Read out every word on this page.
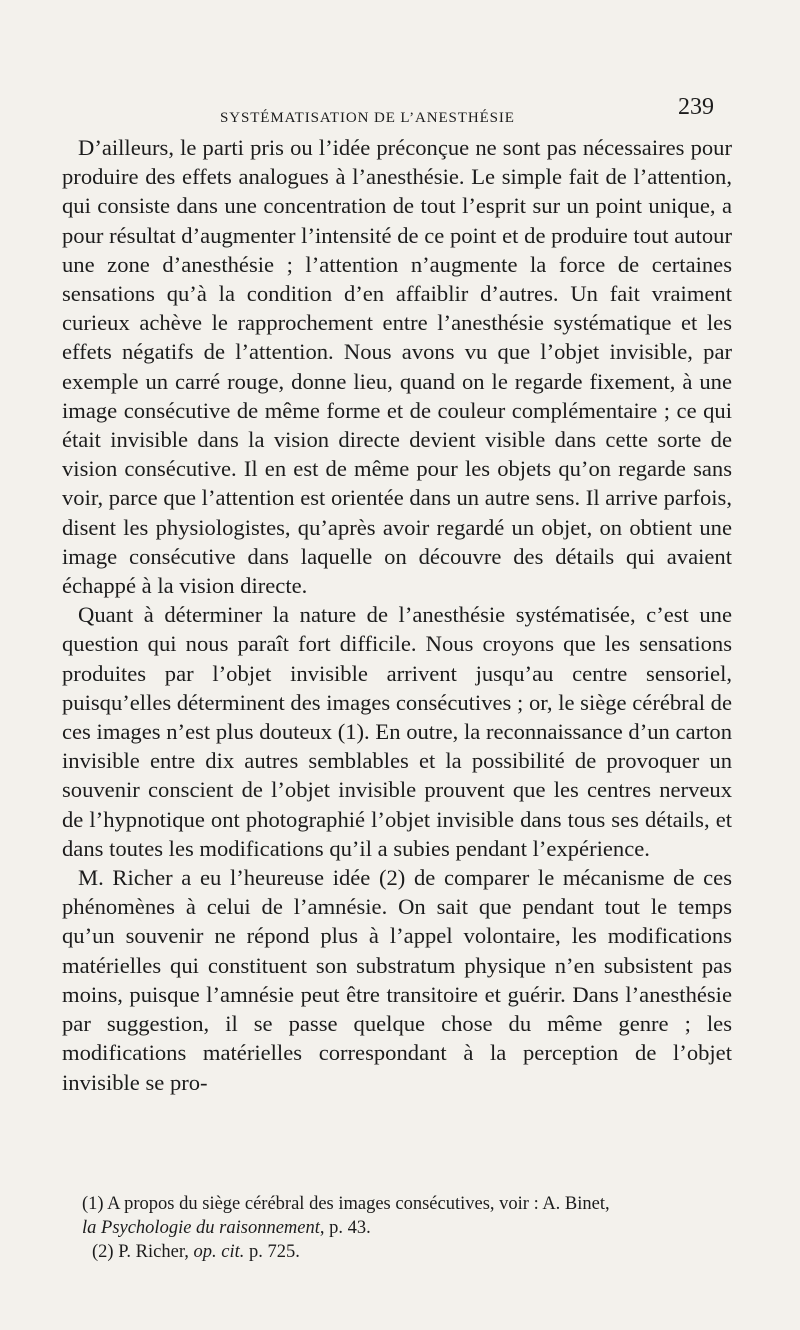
SYSTÉMATISATION DE L’ANESTHÉSIE	239

D’ailleurs, le parti pris ou l’idée préconçue ne sont pas nécessaires pour produire des effets analogues à l’anesthésie. Le simple fait de l’attention, qui consiste dans une concentration de tout l’esprit sur un point unique, a pour résultat d’augmenter l’intensité de ce point et de produire tout autour une zone d’anesthésie ; l’attention n’augmente la force de certaines sensations qu’à la condition d’en affaiblir d’autres. Un fait vraiment curieux achève le rapprochement entre l’anesthésie systématique et les effets négatifs de l’attention. Nous avons vu que l’objet invisible, par exemple un carré rouge, donne lieu, quand on le regarde fixement, à une image consécutive de même forme et de couleur complémentaire ; ce qui était invisible dans la vision directe devient visible dans cette sorte de vision consécutive. Il en est de même pour les objets qu’on regarde sans voir, parce que l’attention est orientée dans un autre sens. Il arrive parfois, disent les physiologistes, qu’après avoir regardé un objet, on obtient une image consécutive dans laquelle on découvre des détails qui avaient échappé à la vision directe.

Quant à déterminer la nature de l’anesthésie systématisée, c’est une question qui nous paraît fort difficile. Nous croyons que les sensations produites par l’objet invisible arrivent jusqu’au centre sensoriel, puisqu’elles déterminent des images consécutives ; or, le siège cérébral de ces images n’est plus douteux (1). En outre, la reconnaissance d’un carton invisible entre dix autres semblables et la possibilité de provoquer un souvenir conscient de l’objet invisible prouvent que les centres nerveux de l’hypnotique ont photographié l’objet invisible dans tous ses détails, et dans toutes les modifications qu’il a subies pendant l’expérience.

M. Richer a eu l’heureuse idée (2) de comparer le mécanisme de ces phénomènes à celui de l’amnésie. On sait que pendant tout le temps qu’un souvenir ne répond plus à l’appel volontaire, les modifications matérielles qui constituent son substratum physique n’en subsistent pas moins, puisque l’amnésie peut être transitoire et guérir. Dans l’anesthésie par suggestion, il se passe quelque chose du même genre ; les modifications matérielles correspondant à la perception de l’objet invisible se pro-

(1) A propos du siège cérébral des images consécutives, voir : A. Binet,
la Psychologie du raisonnement, p. 43.

(2) P. Richer, op. cit. p. 725.
